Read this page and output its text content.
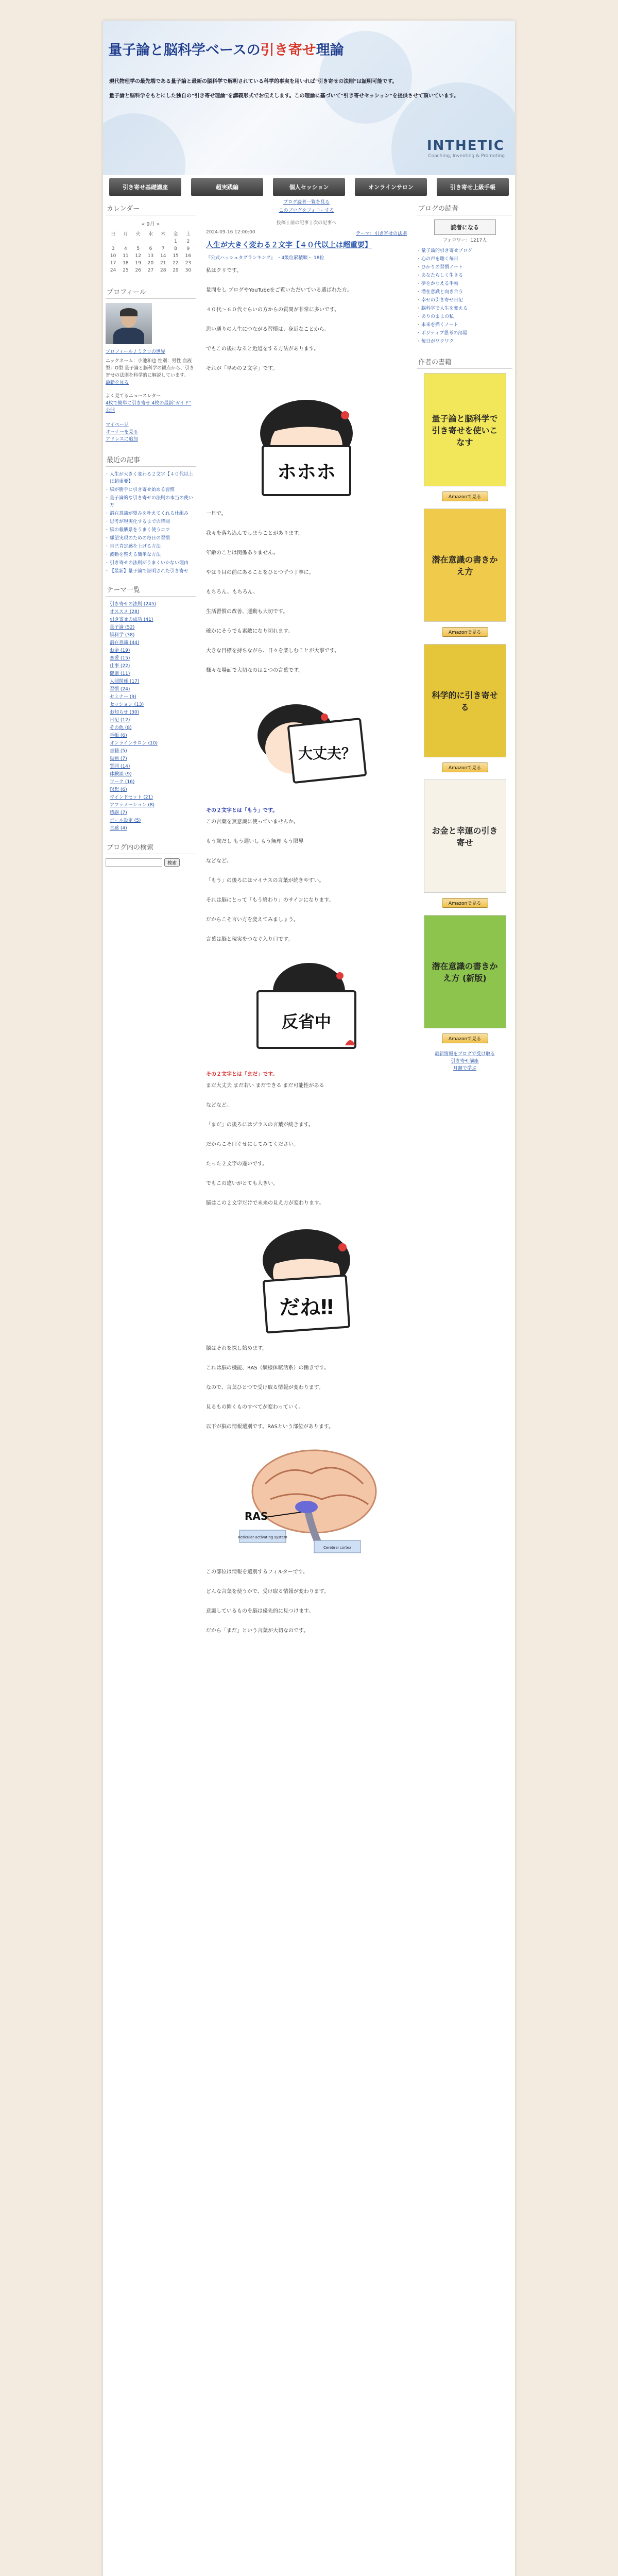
量子論と脳科学ベースの引き寄せ理論
現代物理学の最先端である量子論と最新の脳科学で解明されている科学的事実を用いれば"引き寄せの法則"は証明可能です。
量子論と脳科学をもとにした独自の"引き寄せ理論"を講義形式でお伝えします。この理論に基づいて"引き寄せセッション"を提供させて頂いています。
INTHETIC
Coaching, Inventing & Promoting
引き寄せ基礎講座	超実践編	個人セッション	オンラインサロン	引き寄せ上級手帳
カレンダー
« 9月 »
日	月	火	水	木	金	土
					1	2
3	4	5	6	7	8	9
10	11	12	13	14	15	16
17	18	19	20	21	22	23
24	25	26	27	28	29	30
プロフィール
プロフィール / ミクロの世界
ニックネーム：小池和也 性別：男性 血液型：O型 量子論と脳科学の観点から、引き寄せの法則を科学的に解説しています。
最新を見る
よく見てるニュースレター
4枚で簡単に引き寄せ 4枚の最新"ガイド" 公開
マイページ
オーナーを見る
アドレスに追加
最近の記事
・ 人生が大きく変わる２文字【４０代以上は超重要】
・ 脳が勝手に引き寄せ始める習慣
・ 量子論的な引き寄せの法則の本当の使い方
・ 潜在意識が望みを叶えてくれる仕組み
・ 思考が現実化するまでの時間
・ 脳の報酬系をうまく使うコツ
・ 願望実現のための毎日の習慣
・ 自己肯定感を上げる方法
・ 波動を整える簡単な方法
・ 引き寄せの法則がうまくいかない理由
・ 【最新】量子論で証明された引き寄せ
テーマ一覧
引き寄せの法則 (245)
オススメ (28)
引き寄せの成功 (41)
量子論 (52)
脳科学 (38)
潜在意識 (44)
お金 (19)
恋愛 (15)
仕事 (22)
健康 (11)
人間関係 (17)
習慣 (24)
セミナー (9)
セッション (13)
お知らせ (30)
日記 (12)
その他 (8)
手帳 (6)
オンラインサロン (10)
書籍 (5)
動画 (7)
質問 (14)
体験談 (9)
ワーク (16)
瞑想 (6)
マインドセット (21)
アファメーション (8)
感謝 (7)
ゴール設定 (5)
直感 (4)
ブログ内の検索
検索
ブログ読者一覧を見る
このブログをフォローする
投稿 | 前の記事 | 次の記事へ
2024-09-16 12:00:00	テーマ：引き寄せの法則
人生が大きく変わる２文字【４０代以上は超重要】
『公式ハッシュタグランキング』 ・4級位累積順・ 18位
私はクリです。
量問をし ブログやYouTubeをご覧いただいている選ばれた方。
４０代〜６０代ぐらいの方からの質問が非常に多いです。
思い通りの人生につながる習慣は、身近なことから。
でもこの後になると近道をする方法があります。
それが「早めの２文字」です。
ホホホ
一旦で。
我々を落ち込んでしまうことがあります。
年齢のことは関係ありません。
やはり目の前にあることをひとつずつ丁寧に。
もちろん、もちろん、
生活習慣の改善、運動も大切です。
確かにそうでも素敵になり切れます。
大きな目標を持ちながら、日々を楽しむことが大事です。
様々な場面で大切なのは２つの言葉です。
大丈夫？
その２文字とは「もう」です。
この言葉を無意識に使っていませんか。
もう歳だし もう遅いし もう無理 もう限界
などなど。
「もう」の後ろにはマイナスの言葉が続きやすい。
それは脳にとって「もう終わり」のサインになります。
だからこそ言い方を変えてみましょう。
言葉は脳と現実をつなぐ入り口です。
反省中
その２文字とは「まだ」です。
まだ大丈夫 まだ若い まだできる まだ可能性がある
などなど。
「まだ」の後ろにはプラスの言葉が続きます。
だからこそ口ぐせにしてみてください。
たった２文字の違いです。
でもこの違いがとても大きい。
脳はこの２文字だけで未来の見え方が変わります。
だね‼
脳はそれを探し始めます。
これは脳の機能、RAS（網様体賦活系）の働きです。
なので、言葉ひとつで受け取る情報が変わります。
見るもの聞くものすべてが変わっていく。
以下が脳の情報選別です。RASという部位があります。
RAS
Reticular activating system
Cerebral cortex
この部位は情報を選別するフィルターです。
どんな言葉を使うかで、受け取る情報が変わります。
意識しているものを脳は優先的に見つけます。
だから「まだ」という言葉が大切なのです。
ブログの読者
読者になる
フォロワー：1217人
・ 量子論的引き寄せブログ
・ 心の声を聴く毎日
・ ひかりの習慣ノート
・ あなたらしく生きる
・ 夢をかなえる手帳
・ 潜在意識と向き合う
・ 幸せの引き寄せ日記
・ 脳科学で人生を変える
・ ありのままの私
・ 未来を描くノート
・ ポジティブ思考の部屋
・ 毎日がワクワク
作者の書籍
量子論と脳科学で引き寄せを使いこなす
Amazonで見る
潜在意識の書きかえ方
Amazonで見る
科学的に引き寄せる
Amazonで見る
お金と幸運の引き寄せ
Amazonで見る
潜在意識の書きかえ方 (新版)
Amazonで見る
最新情報をブログで受け取る
引き寄せ講座
月額で学ぶ
